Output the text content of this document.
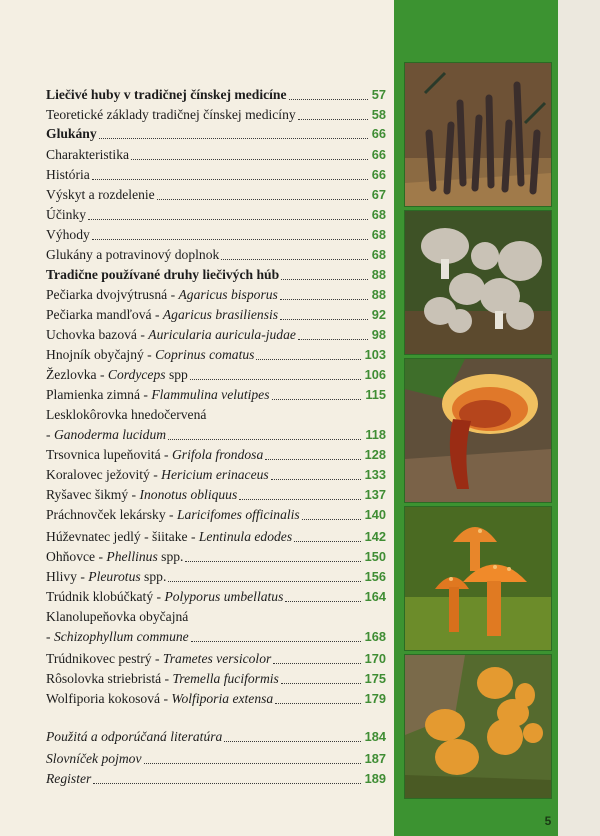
Liečivé huby v tradičnej čínskej medicíne	57
Teoretické základy tradičnej čínskej medicíny	58
Glukány	66
Charakteristika	66
História	66
Výskyt a rozdelenie	67
Účinky	68
Výhody	68
Glukány a potravinový doplnok	68
Tradične používané druhy liečivých húb	88
Pečiarka dvojvýtrusná - Agaricus bisporus	88
Pečiarka mandľová - Agaricus brasiliensis	92
Uchovka bazová - Auricularia auricula-judae	98
Hnojník obyčajný - Coprinus comatus	103
Žezlovka - Cordyceps spp	106
Plamienka zimná - Flammulina velutipes	115
Lesklokôrovka hnedočervená
- Ganoderma lucidum	118
Trsovnica lupeňovitá - Grifola frondosa	128
Koralovec ježovitý - Hericium erinaceus	133
Ryšavec šikmý - Inonotus obliquus	137
Práchnovček lekársky - Laricifomes officinalis	140
Húževnatec jedlý - šiitake - Lentinula edodes	142
Ohňovce - Phellinus spp.	150
Hlivy - Pleurotus spp.	156
Trúdnik klobúčkatý - Polyporus umbellatus	164
Klanolupeňovka obyčajná
- Schizophyllum commune	168
Trúdnikovec pestrý - Trametes versicolor	170
Rôsolovka striebristá - Tremella fuciformis	175
Wolfiporia kokosová - Wolfiporia extensa	179
Použitá a odporúčaná literatúra	184
Slovníček pojmov	187
Register	189
5
